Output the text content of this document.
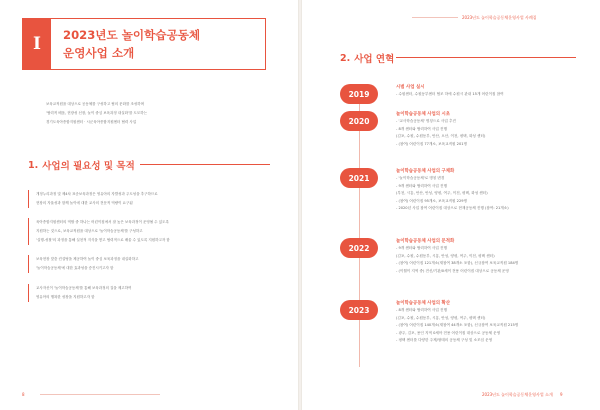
I	2023년도 놀이학습공동체
운영사업 소개
보육교직원을 대상으로 공동체를 구성하고 협의 문화를 조성하며
'협력적 배움, 현장성 신장, 놀이 중심 보육과정 내실화'를 도모하는
경기도육아종합지원센터 · 시군육아종합지원센터 협력 사업
1. 사업의 필요성 및 목적
개정누리과정 및 제4차 표준보육과정은 영유아의 자발성과 주도성을 추구하므로
현장의 자율성과 함께 놀이에 대한 교사의 전문적 역량이 요구됨
육아종합지원센터의 역할 중 하나는 어린이집에서 잘 높은 보육과정이 운영될 수 있도록
지원하는 것으로, 보육교직원을 대상으로 '놀이학습공동체'를 구성하고
'실행-성찰'의 과정을 통해 실천적 지식을 쌓고 협력적으로 배울 수 있도록 지원하고자 함
보육현장 맞춤 컨설팅을 제공하여 놀이 중심 보육과정을 내실화하고
'놀이학습공동체'에 대한 효과성을 증진시키고자 함
교사자신이 '놀이학습공동체'를 통해 보육과정의 질을 제고하여
영유아의 행복한 성장을 지원하고자 함
8
2023년도 놀이학습공동체운영사업 사례집
2. 사업 연혁
2019
시범 사업 실시
- 수원센터, 수원동부센터 협조 하에 수원시 관내 15개 어린이집 참여
2020
놀이학습공동체 사업의 시초
- '교사학습공동체' 명칭으로 사업 추진
- 8개 센터와 협력하여 사업 진행
(김포, 수원, 수원동부, 안산, 오산, 이천, 평택, 화성 센터)
- (참여) 어린이집 77개소, 보육교직원 201명
2021
놀이학습공동체 사업의 구체화
- '놀이학습공동체'로 명칭 변경
- 9개 센터와 협력하여 사업 진행
(부천, 시흥, 안산, 안성, 양평, 여주, 이천, 평택, 화성 센터)
- (참여) 어린이집 95개소, 보육교직원 229명
- 2020년 사업 참여 어린이집 대상으로 현재공동체 진행 (참여: 21개소)
2022
놀이학습공동체 사업의 문적화
- 9개 센터와 협력하여 사업 진행
(김포, 수원, 수원동부, 시흥, 안성, 양평, 여주, 이천, 평택 센터)
- (참여) 어린이집 121개소(재참여 38개소 포함), 신규참여 보육교직원 184명
- (이월이 지역 중) 전신/기관/0세이 전용 어린이집 대상으로 공동체 운영
2023
놀이학습공동체 사업의 확산
- 8개 센터와 협력하여 사업 진행
(김포, 수원, 수원동부, 시흥, 안성, 양평, 여주, 평택 센터)
- (참여) 어린이집 140개소(재참여 44개소 포함), 신규참여 보육교직원 215명
- 광주, 김포, 용인 지역 0세아 전용 어린이집 대상으로 공동체 운영
- 평택 센터를 다양한 주제/형태의 공동체 구성 및 소모임 운영
2023년도 놀이학습공동체운영사업 소개 9
